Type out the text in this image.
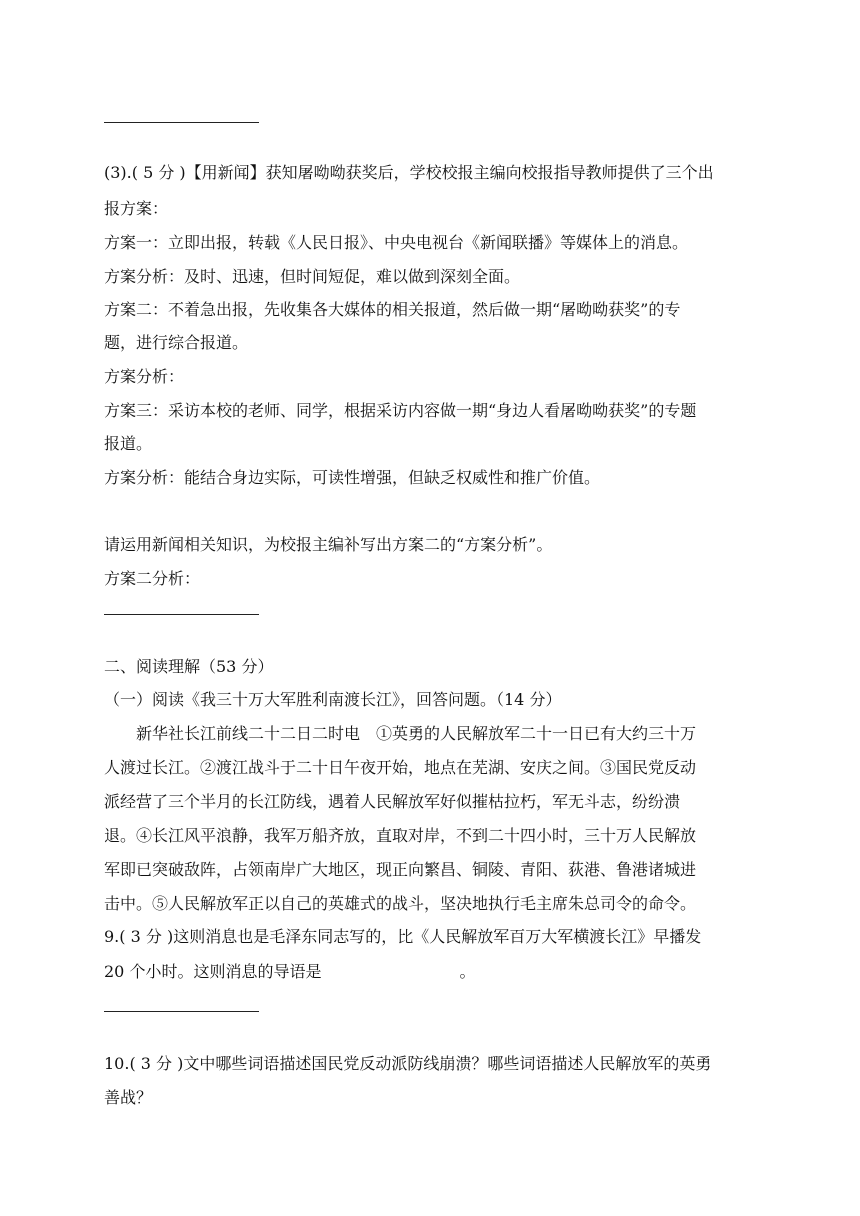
(3).( 5 分 )【用新闻】获知屠呦呦获奖后，学校校报主编向校报指导教师提供了三个出
报方案：
方案一：立即出报，转载《人民日报》、中央电视台《新闻联播》等媒体上的消息。
方案分析：及时、迅速，但时间短促，难以做到深刻全面。
方案二：不着急出报，先收集各大媒体的相关报道，然后做一期“屠呦呦获奖”的专
题，进行综合报道。
方案分析：
方案三：采访本校的老师、同学，根据采访内容做一期“身边人看屠呦呦获奖”的专题
报道。
方案分析：能结合身边实际，可读性增强，但缺乏权威性和推广价值。
请运用新闻相关知识，为校报主编补写出方案二的“方案分析”。
方案二分析：
二、阅读理解（53 分）
（一）阅读《我三十万大军胜利南渡长江》，回答问题。（14 分）
新华社长江前线二十二日二时电　①英勇的人民解放军二十一日已有大约三十万
人渡过长江。②渡江战斗于二十日午夜开始，地点在芜湖、安庆之间。③国民党反动
派经营了三个半月的长江防线，遇着人民解放军好似摧枯拉朽，军无斗志，纷纷溃
退。④长江风平浪静，我军万船齐放，直取对岸，不到二十四小时，三十万人民解放
军即已突破敌阵，占领南岸广大地区，现正向繁昌、铜陵、青阳、荻港、鲁港诸城进
击中。⑤人民解放军正以自己的英雄式的战斗，坚决地执行毛主席朱总司令的命令。
9.( 3 分 )这则消息也是毛泽东同志写的，比《人民解放军百万大军横渡长江》早播发
20 个小时。这则消息的导语是	。
10.( 3 分 )文中哪些词语描述国民党反动派防线崩溃？哪些词语描述人民解放军的英勇
善战？
